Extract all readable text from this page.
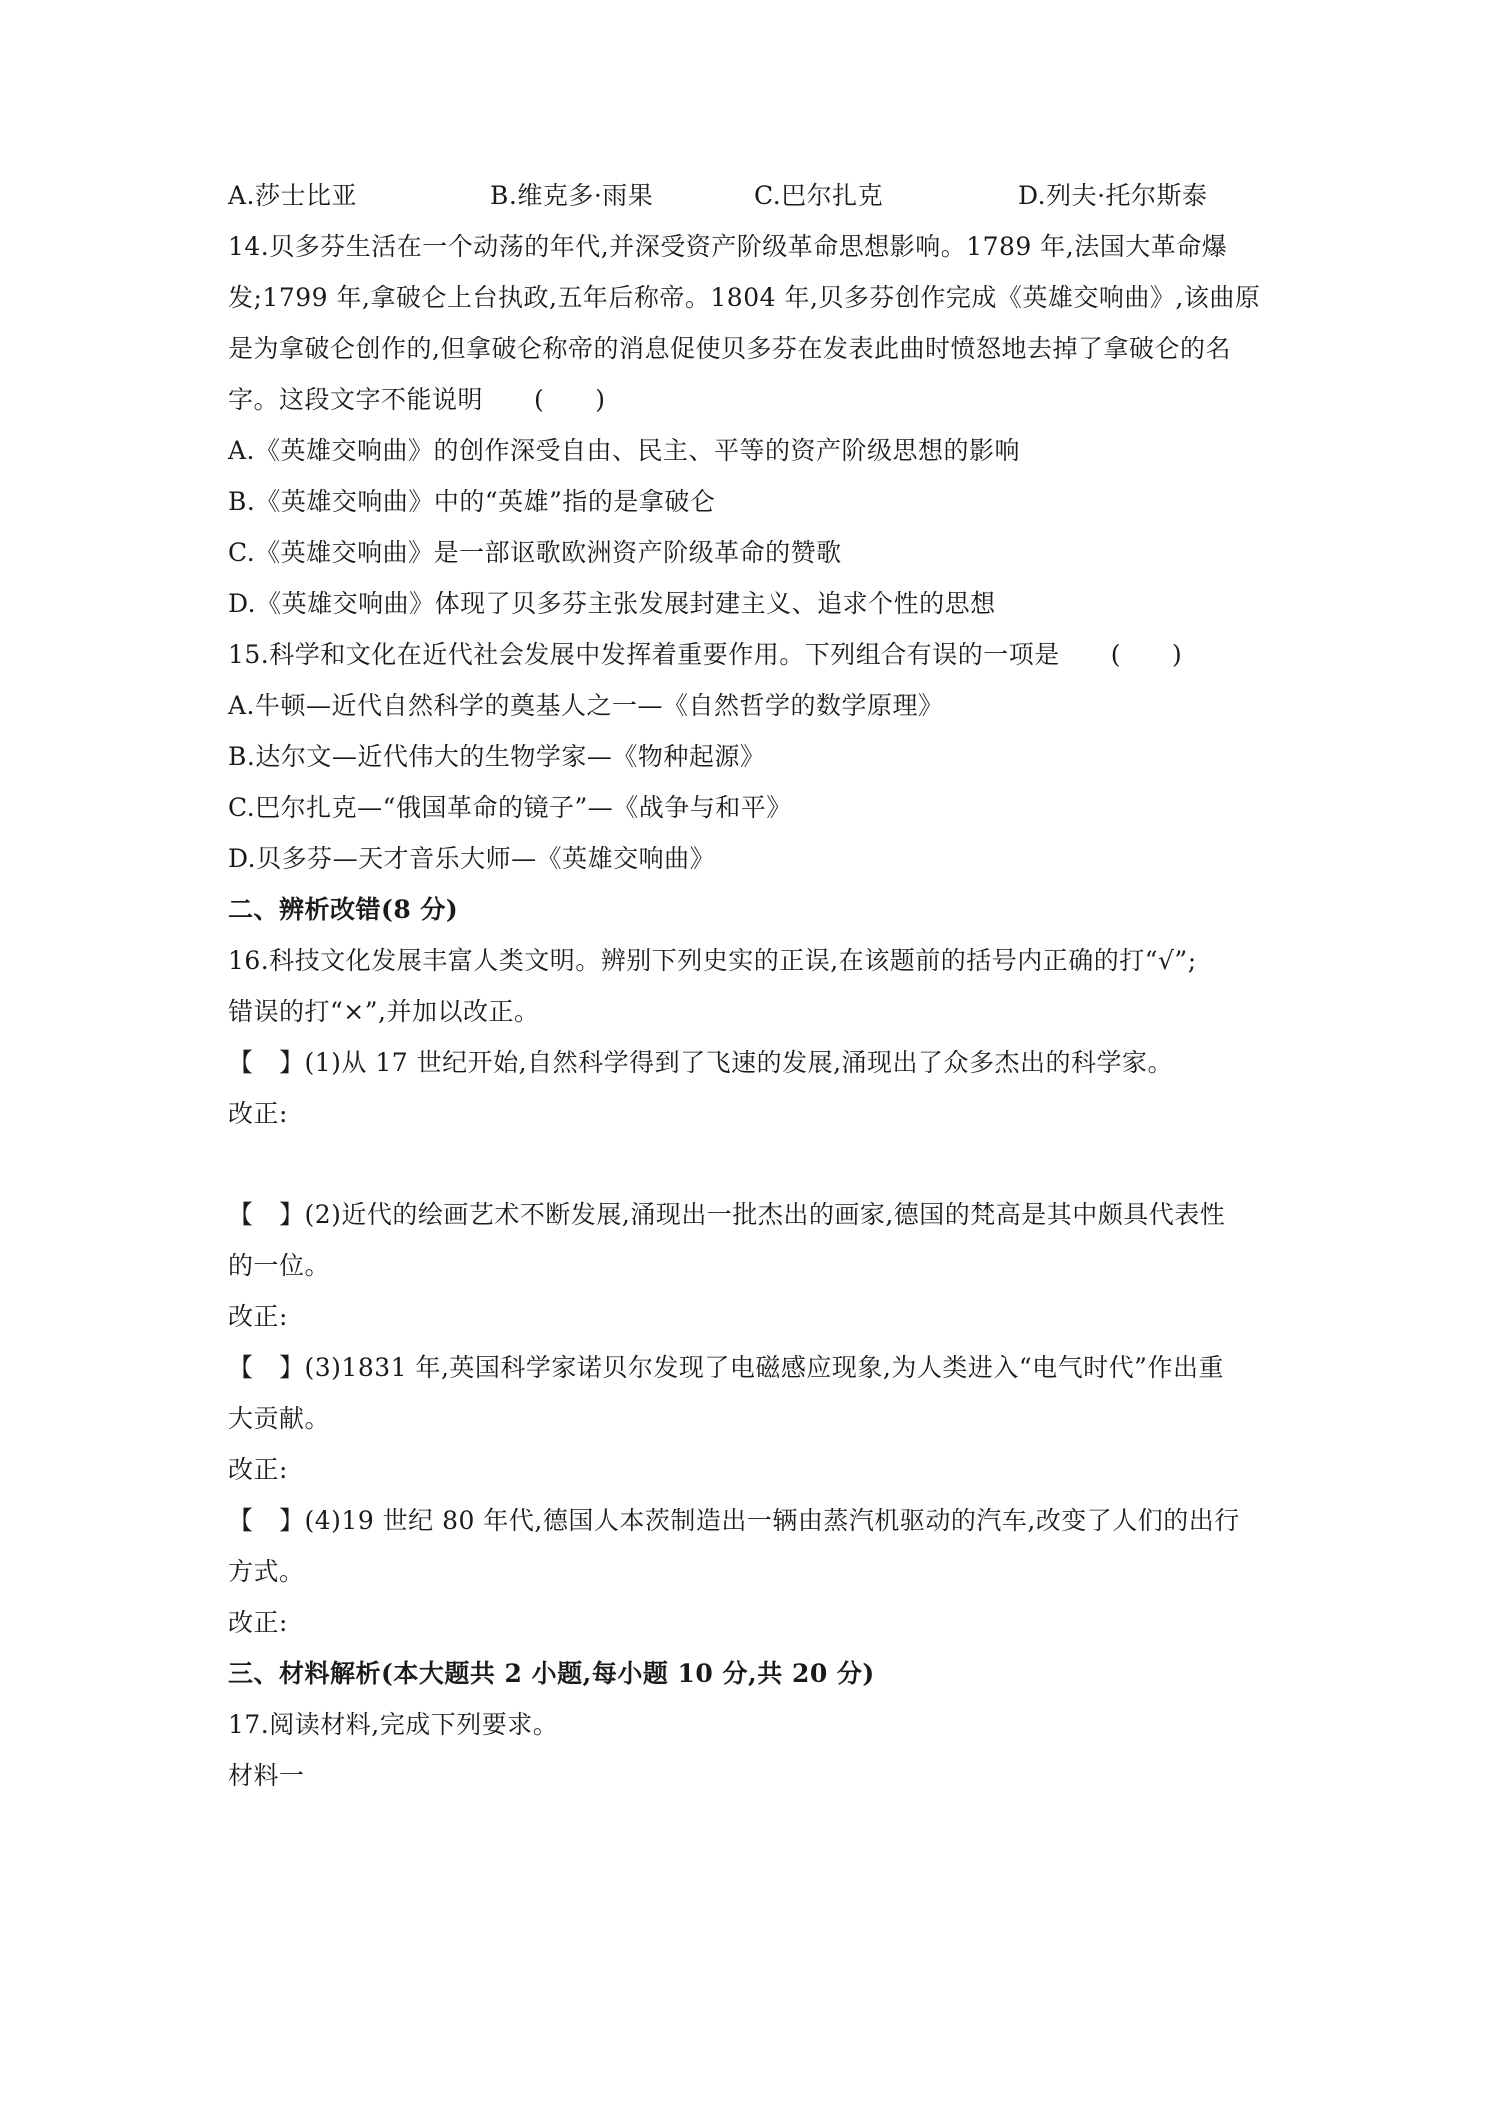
A.莎士比亚	B.维克多·雨果	C.巴尔扎克	D.列夫·托尔斯泰
14.贝多芬生活在一个动荡的年代,并深受资产阶级革命思想影响。1789 年,法国大革命爆
发;1799 年,拿破仑上台执政,五年后称帝。1804 年,贝多芬创作完成《英雄交响曲》,该曲原
是为拿破仑创作的,但拿破仑称帝的消息促使贝多芬在发表此曲时愤怒地去掉了拿破仑的名
字。这段文字不能说明　　(　　)
A.《英雄交响曲》的创作深受自由、民主、平等的资产阶级思想的影响
B.《英雄交响曲》中的“英雄”指的是拿破仑
C.《英雄交响曲》是一部讴歌欧洲资产阶级革命的赞歌
D.《英雄交响曲》体现了贝多芬主张发展封建主义、追求个性的思想
15.科学和文化在近代社会发展中发挥着重要作用。下列组合有误的一项是　　(　　)
A.牛顿—近代自然科学的奠基人之一—《自然哲学的数学原理》
B.达尔文—近代伟大的生物学家—《物种起源》
C.巴尔扎克—“俄国革命的镜子”—《战争与和平》
D.贝多芬—天才音乐大师—《英雄交响曲》
二、辨析改错(8 分)
16.科技文化发展丰富人类文明。辨别下列史实的正误,在该题前的括号内正确的打“√”;
错误的打“×”,并加以改正。
【　】(1)从 17 世纪开始,自然科学得到了飞速的发展,涌现出了众多杰出的科学家。
改正:
【　】(2)近代的绘画艺术不断发展,涌现出一批杰出的画家,德国的梵高是其中颇具代表性
的一位。
改正:
【　】(3)1831 年,英国科学家诺贝尔发现了电磁感应现象,为人类进入“电气时代”作出重
大贡献。
改正:
【　】(4)19 世纪 80 年代,德国人本茨制造出一辆由蒸汽机驱动的汽车,改变了人们的出行
方式。
改正:
三、材料解析(本大题共 2 小题,每小题 10 分,共 20 分)
17.阅读材料,完成下列要求。
材料一
